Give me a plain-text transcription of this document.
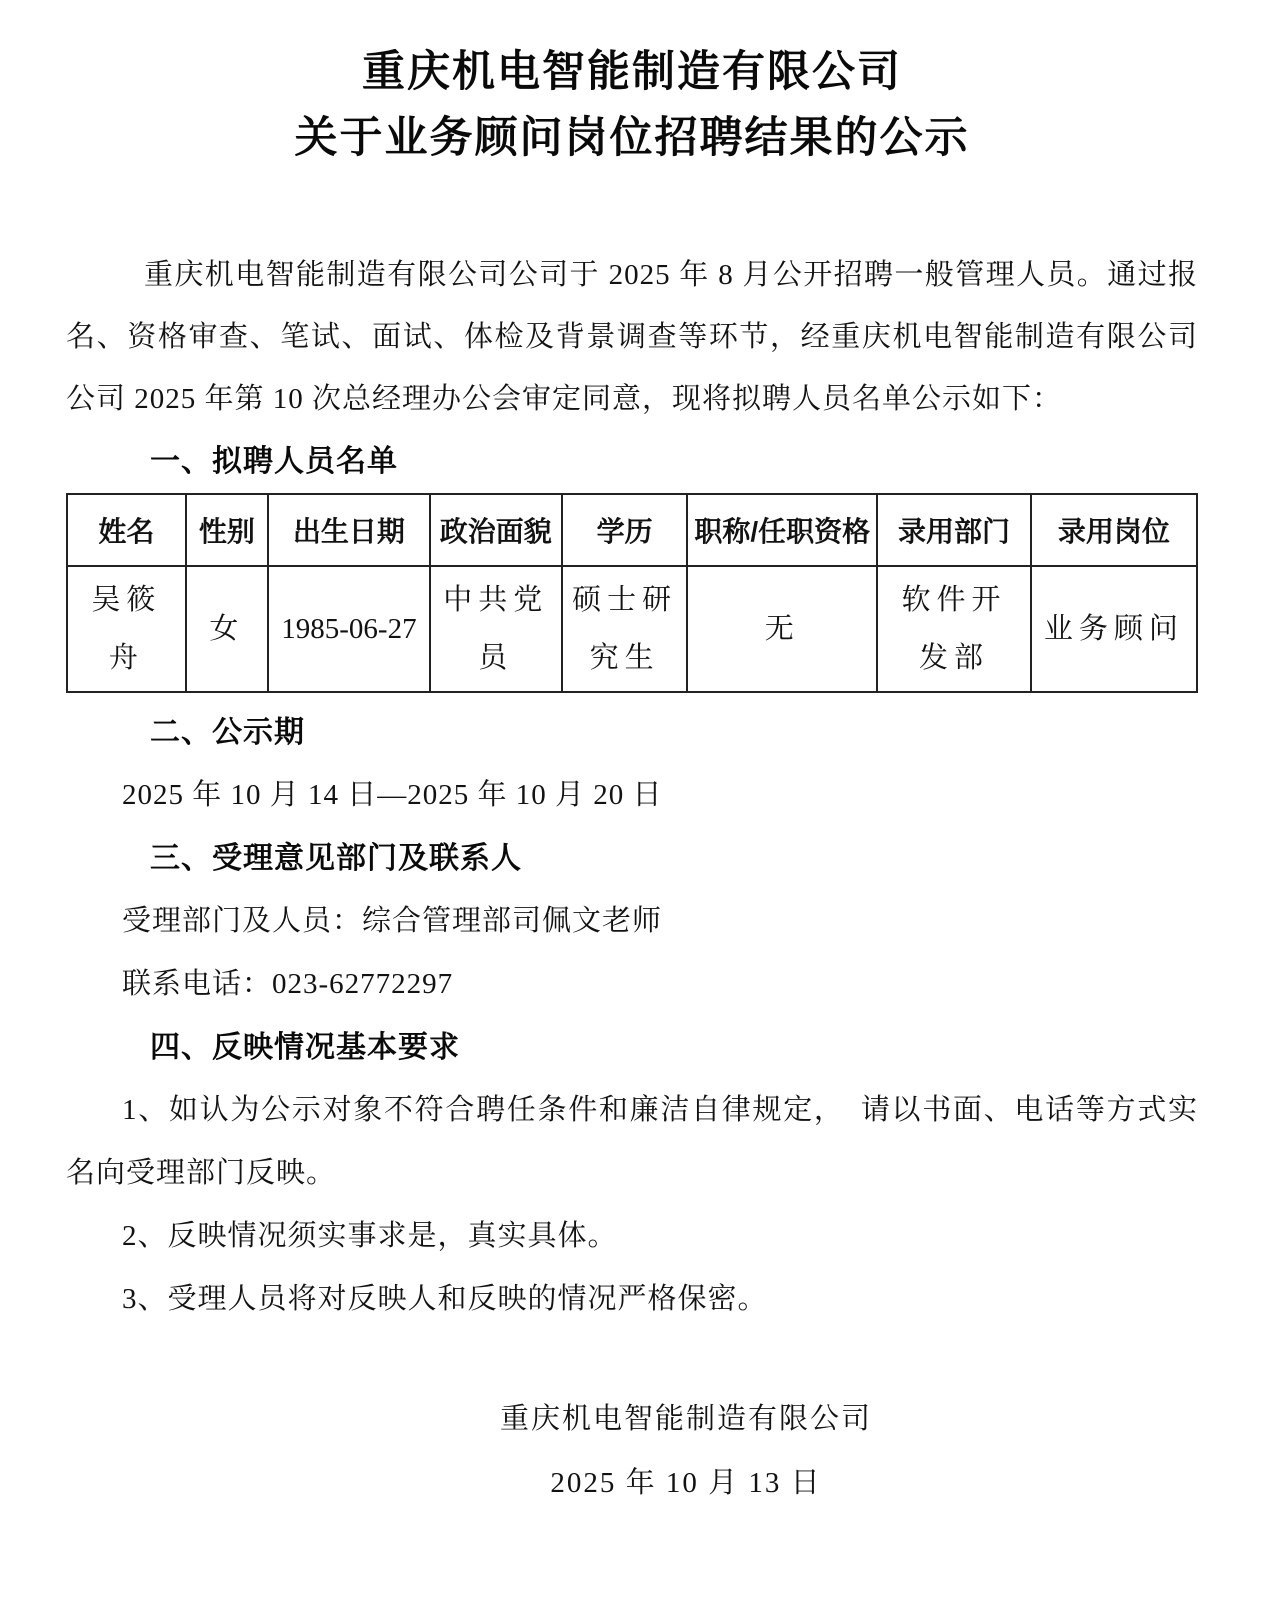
重庆机电智能制造有限公司
关于业务顾问岗位招聘结果的公示

重庆机电智能制造有限公司公司于 2025 年 8 月公开招聘一般管理人员。通过报名、资格审查、笔试、面试、体检及背景调查等环节，经重庆机电智能制造有限公司公司 2025 年第 10 次总经理办公会审定同意，现将拟聘人员名单公示如下：

一、拟聘人员名单
姓名	性别	出生日期	政治面貌	学历	职称/任职资格	录用部门	录用岗位
吴筱舟	女	1985-06-27	中共党员	硕士研究生	无	软件开发部	业务顾问
二、公示期

2025 年 10 月 14 日—2025 年 10 月 20 日

三、受理意见部门及联系人

受理部门及人员：综合管理部司佩文老师

联系电话：023-62772297

四、反映情况基本要求

1、如认为公示对象不符合聘任条件和廉洁自律规定，　请以书面、电话等方式实名向受理部门反映。

2、反映情况须实事求是，真实具体。

3、受理人员将对反映人和反映的情况严格保密。

重庆机电智能制造有限公司
2025 年 10 月 13 日
